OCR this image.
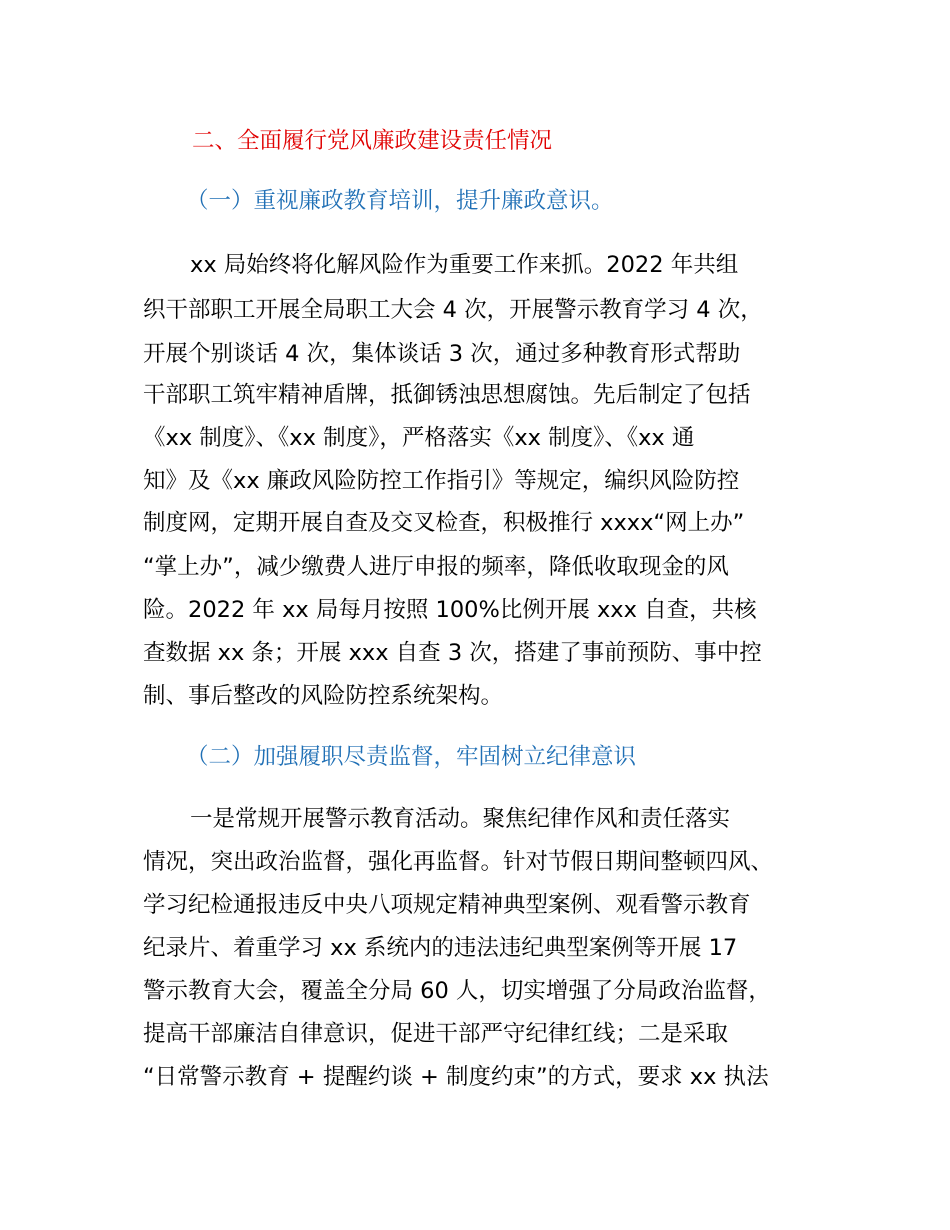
二、全面履行党风廉政建设责任情况
（一）重视廉政教育培训，提升廉政意识。
xx 局始终将化解风险作为重要工作来抓。2022 年共组
织干部职工开展全局职工大会 4 次，开展警示教育学习 4 次，
开展个别谈话 4 次，集体谈话 3 次，通过多种教育形式帮助
干部职工筑牢精神盾牌，抵御锈浊思想腐蚀。先后制定了包括
《xx 制度》、《xx 制度》，严格落实《xx 制度》、《xx 通
知》及《xx 廉政风险防控工作指引》等规定，编织风险防控
制度网，定期开展自查及交叉检查，积极推行 xxxx“网上办”
“掌上办”，减少缴费人进厅申报的频率，降低收取现金的风
险。2022 年 xx 局每月按照 100%比例开展 xxx 自查，共核
查数据 xx 条；开展 xxx 自查 3 次，搭建了事前预防、事中控
制、事后整改的风险防控系统架构。
（二）加强履职尽责监督，牢固树立纪律意识
一是常规开展警示教育活动。聚焦纪律作风和责任落实
情况，突出政治监督，强化再监督。针对节假日期间整顿四风、
学习纪检通报违反中央八项规定精神典型案例、观看警示教育
纪录片、着重学习 xx 系统内的违法违纪典型案例等开展 17
警示教育大会，覆盖全分局 60 人，切实增强了分局政治监督，
提高干部廉洁自律意识，促进干部严守纪律红线；二是采取
“日常警示教育 + 提醒约谈 + 制度约束”的方式，要求 xx 执法
